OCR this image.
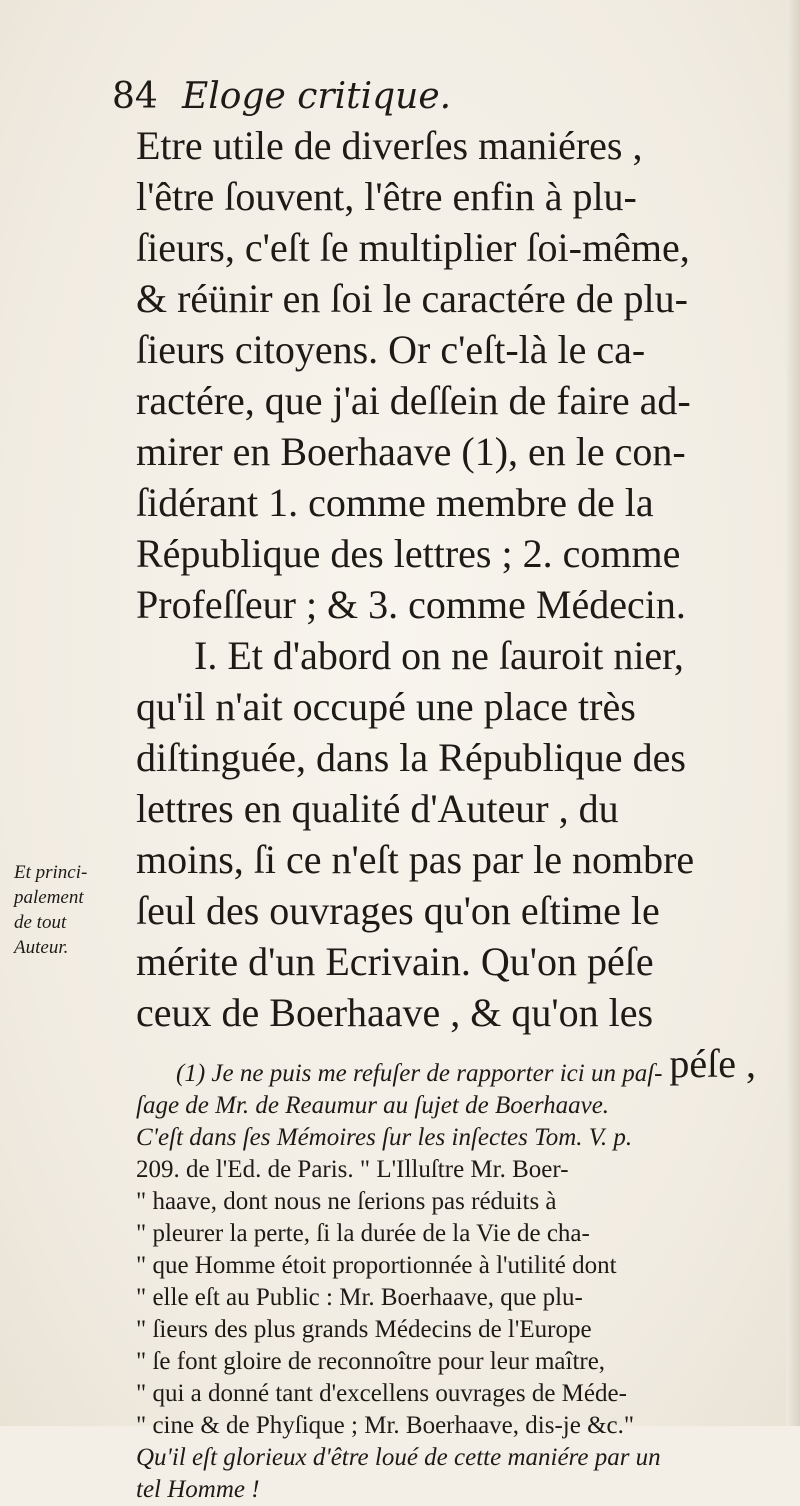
84 Eloge critique.
Et princi-
palement
de tout
Auteur.
Etre utile de diverſes maniéres ,
l'être ſouvent, l'être enfin à plu-
ſieurs, c'eſt ſe multiplier ſoi-même,
& réünir en ſoi le caractére de plu-
ſieurs citoyens. Or c'eſt-là le ca-
ractére, que j'ai deſſein de faire ad-
mirer en Boerhaave (1), en le con-
ſidérant 1. comme membre de la
République des lettres ; 2. comme
Profeſſeur ; & 3. comme Médecin.
I. Et d'abord on ne ſauroit nier,
qu'il n'ait occupé une place très
diſtinguée, dans la République des
lettres en qualité d'Auteur , du
moins, ſi ce n'eſt pas par le nombre
ſeul des ouvrages qu'on eſtime le
mérite d'un Ecrivain. Qu'on péſe
ceux de Boerhaave , & qu'on les
péſe ,
(1) Je ne puis me refuſer de rapporter ici un paſ-
ſage de Mr. de Reaumur au ſujet de Boerhaave.
C'eſt dans ſes Mémoires ſur les inſectes Tom. V. p.
209. de l'Ed. de Paris. " L'Illuſtre Mr. Boer-
" haave, dont nous ne ſerions pas réduits à
" pleurer la perte, ſi la durée de la Vie de cha-
" que Homme étoit proportionnée à l'utilité dont
" elle eſt au Public : Mr. Boerhaave, que plu-
" ſieurs des plus grands Médecins de l'Europe
" ſe font gloire de reconnoître pour leur maître,
" qui a donné tant d'excellens ouvrages de Méde-
" cine & de Phyſique ; Mr. Boerhaave, dis-je &c."
Qu'il eſt glorieux d'être loué de cette maniére par un
tel Homme !
